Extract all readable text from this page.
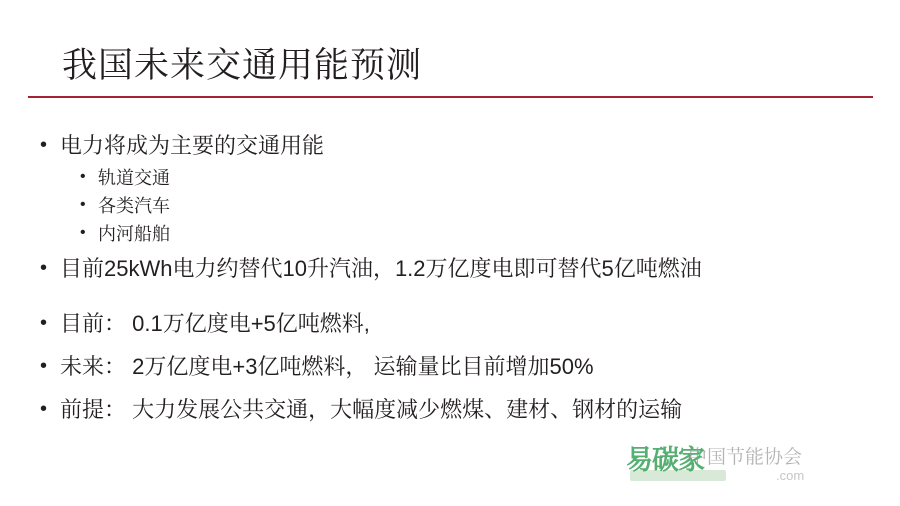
我国未来交通用能预测
• 电力将成为主要的交通用能
• 轨道交通
• 各类汽车
• 内河船舶
• 目前25kWh电力约替代10升汽油，1.2万亿度电即可替代5亿吨燃油
• 目前： 0.1万亿度电+5亿吨燃料,
• 未来： 2万亿度电+3亿吨燃料， 运输量比目前增加50%
• 前提： 大力发展公共交通，大幅度减少燃煤、建材、钢材的运输
易碳家
中国节能协会
.com
